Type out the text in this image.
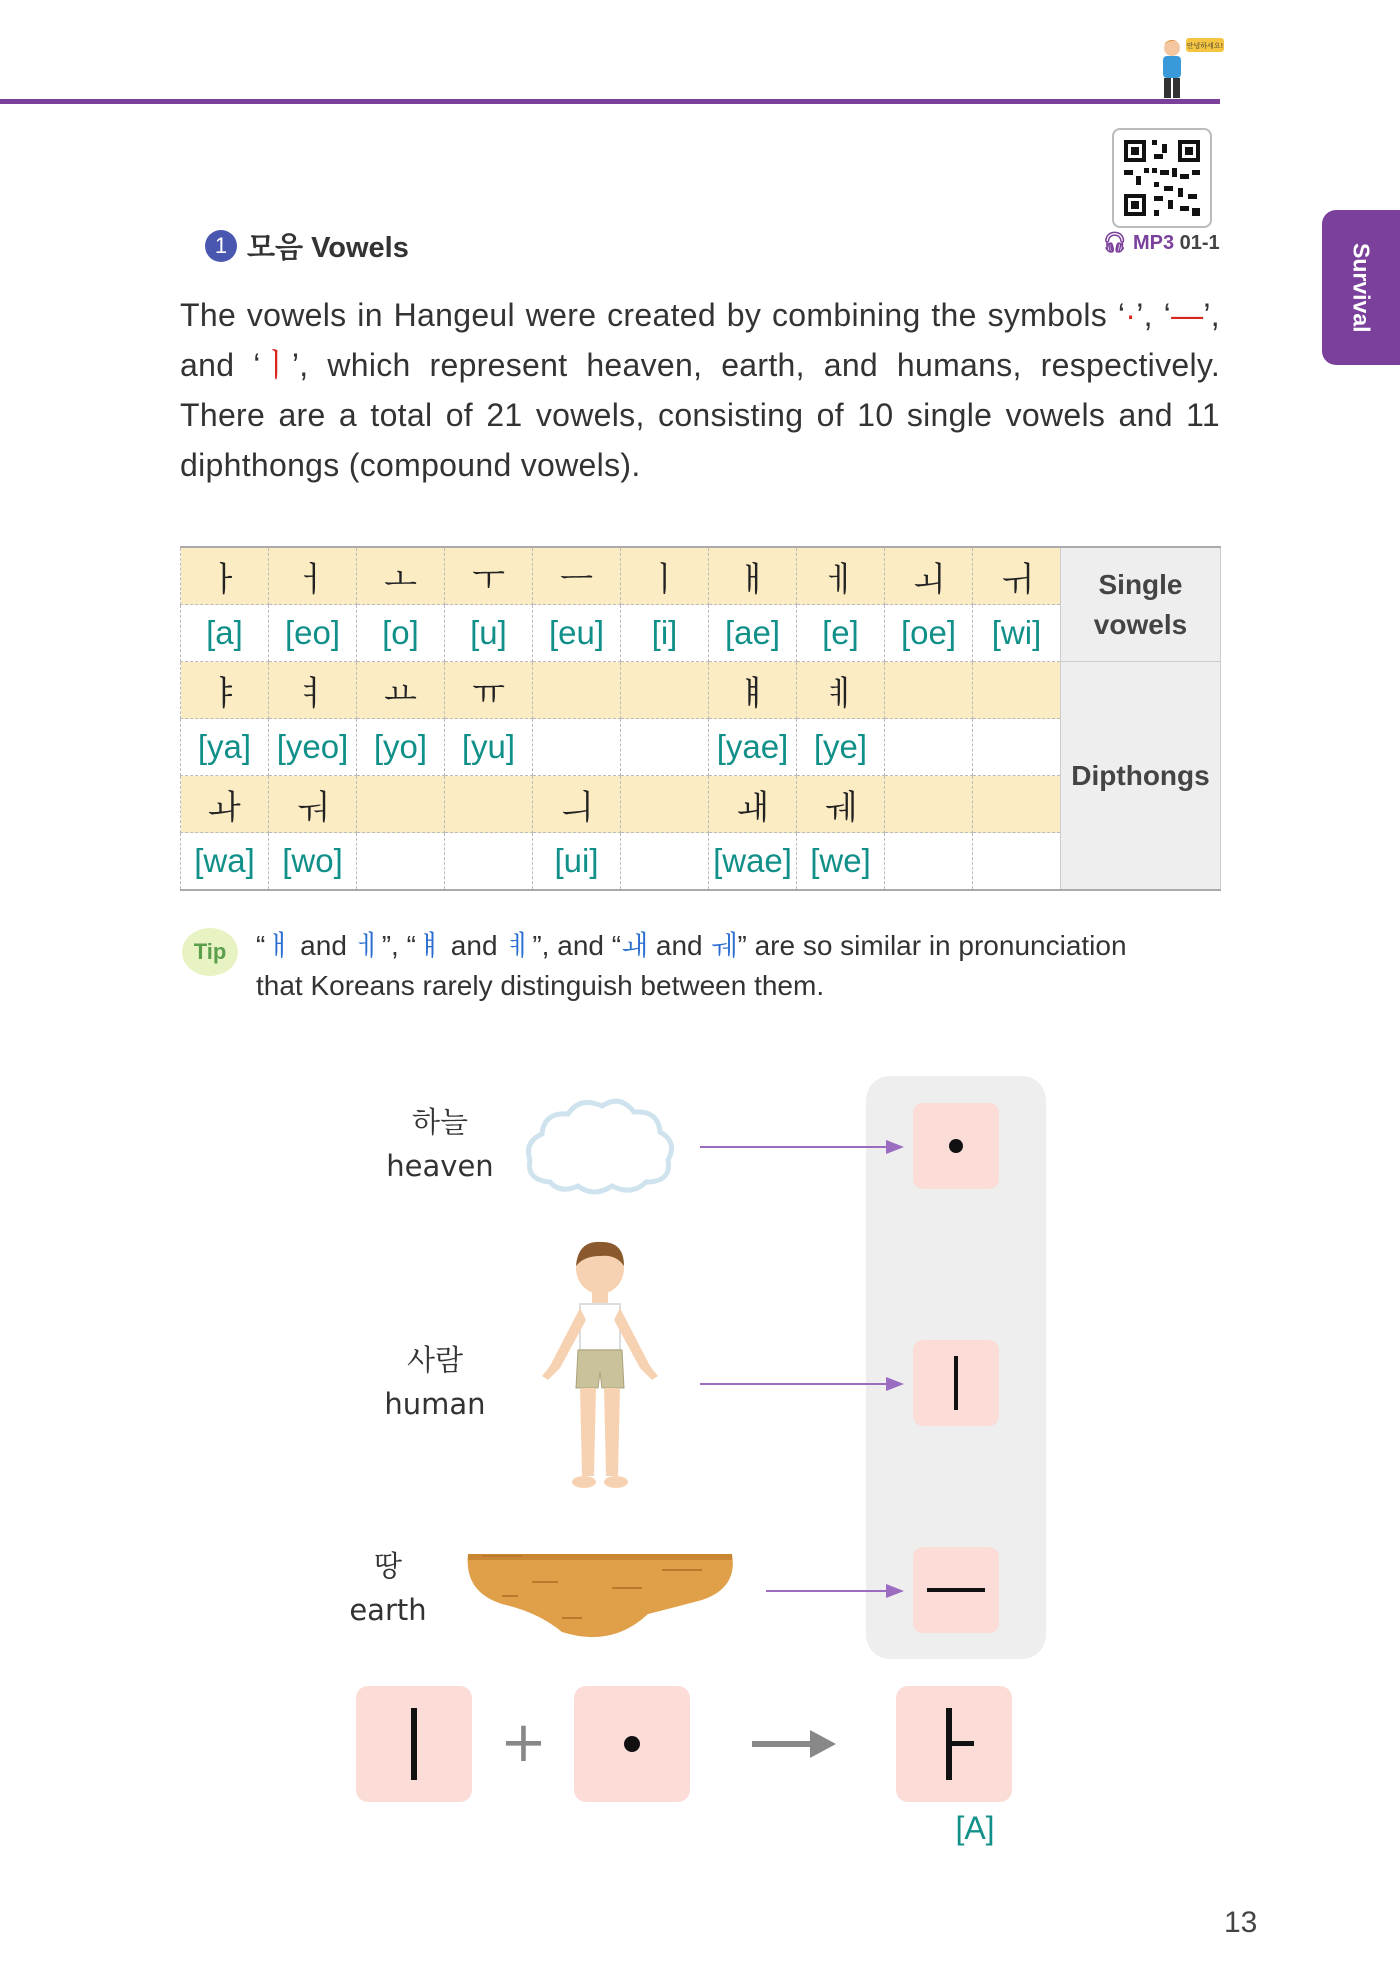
안녕하세요!
Survival
🎧︎ MP3 01-1
1 모음 Vowels

The vowels in Hangeul were created by combining the symbols ‘·’, ‘—’, and ‘ㅣ’, which represent heaven, earth, and humans, respectively. There are a total of 21 vowels, consisting of 10 single vowels and 11 diphthongs (compound vowels).

ㅏ	ㅓ	ㅗ	ㅜ	ㅡ	ㅣ	ㅐ	ㅔ	ㅚ	ㅟ	Single vowels
[a]	[eo]	[o]	[u]	[eu]	[i]	[ae]	[e]	[oe]	[wi]	
ㅑ	ㅕ	ㅛ	ㅠ			ㅒ	ㅖ			Dipthongs
[ya]	[yeo]	[yo]	[yu]			[yae]	[ye]			
ㅘ	ㅝ			ㅢ		ㅙ	ㅞ			
[wa]	[wo]			[ui]		[wae]	[we]			
Tip	“ㅐ and ㅔ”, “ㅒ and ㅖ”, and “ㅙ and ㅞ” are so similar in pronunciation
that Koreans rarely distinguish between them.
하늘
heaven
사람
human
땅
earth
+
[A]
13
